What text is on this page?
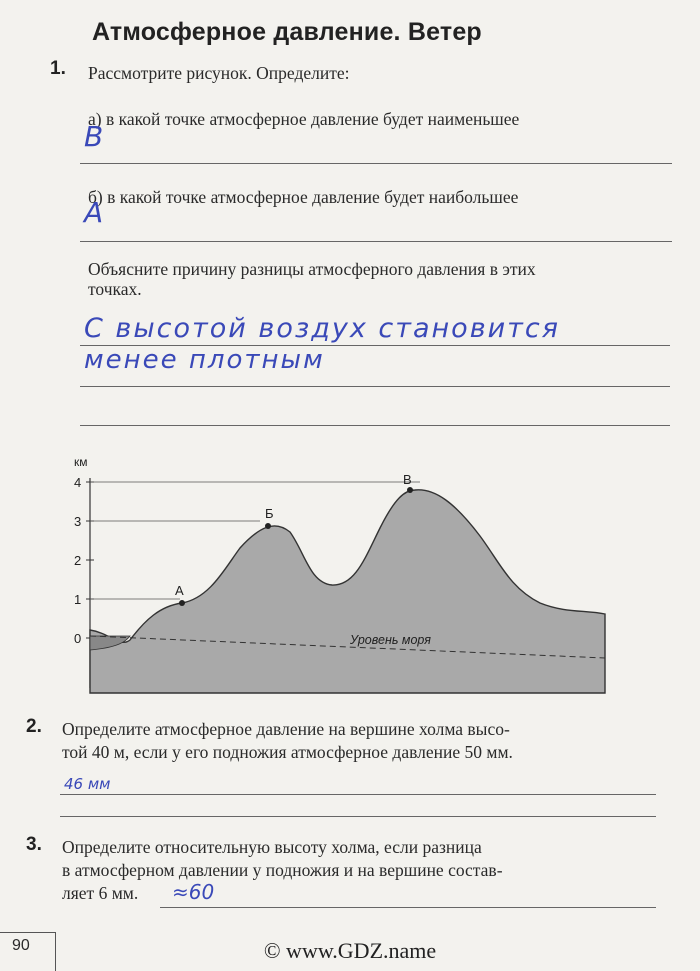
Атмосферное давление. Ветер
1. Рассмотрите рисунок. Определите:
а) в какой точке атмосферное давление будет наименьшее
В
б) в какой точке атмосферное давление будет наибольшее
А
Объясните причину разницы атмосферного давления в этих
точках.
С высотой воздух становится
менее плотным
км
4
3
2
1
0	Уровень моря
А
Б
В
2. Определите атмосферное давление на вершине холма высо-
той 40 м, если у его подножия атмосферное давление 50 мм.
46 мм
3. Определите относительную высоту холма, если разница
в атмосферном давлении у подножия и на вершине состав-
ляет 6 мм. ≈60
90	© www.GDZ.name
